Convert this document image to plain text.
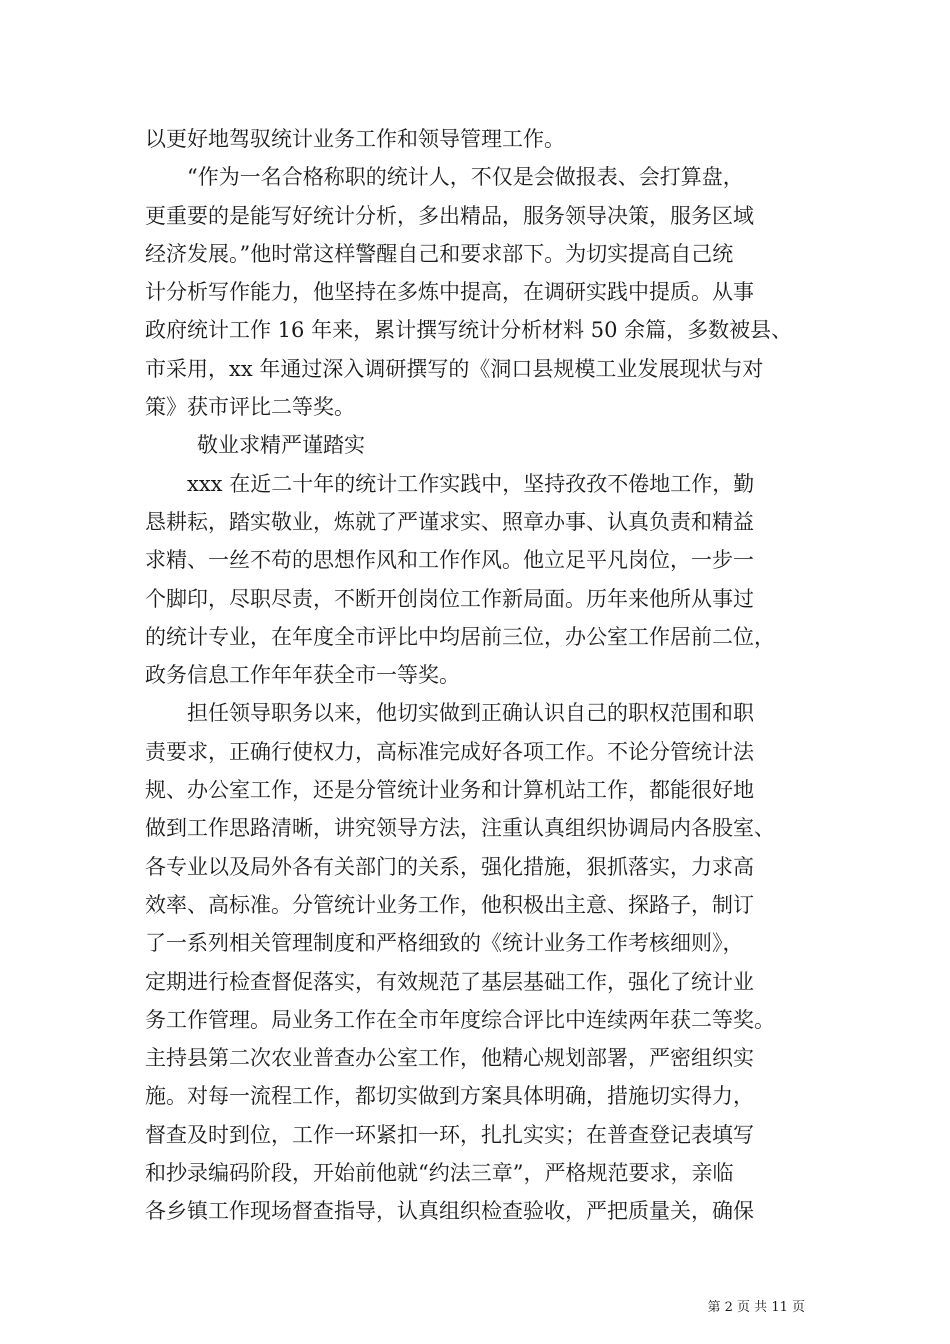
以更好地驾驭统计业务工作和领导管理工作。
“作为一名合格称职的统计人，不仅是会做报表、会打算盘，
更重要的是能写好统计分析，多出精品，服务领导决策，服务区域
经济发展。”他时常这样警醒自己和要求部下。为切实提高自己统
计分析写作能力，他坚持在多炼中提高，在调研实践中提质。从事
政府统计工作 16 年来，累计撰写统计分析材料 50 余篇，多数被县、
市采用，xx 年通过深入调研撰写的《洞口县规模工业发展现状与对
策》获市评比二等奖。
敬业求精严谨踏实
xxx 在近二十年的统计工作实践中，坚持孜孜不倦地工作，勤
恳耕耘，踏实敬业，炼就了严谨求实、照章办事、认真负责和精益
求精、一丝不苟的思想作风和工作作风。他立足平凡岗位，一步一
个脚印，尽职尽责，不断开创岗位工作新局面。历年来他所从事过
的统计专业，在年度全市评比中均居前三位，办公室工作居前二位，
政务信息工作年年获全市一等奖。
担任领导职务以来，他切实做到正确认识自己的职权范围和职
责要求，正确行使权力，高标准完成好各项工作。不论分管统计法
规、办公室工作，还是分管统计业务和计算机站工作，都能很好地
做到工作思路清晰，讲究领导方法，注重认真组织协调局内各股室、
各专业以及局外各有关部门的关系，强化措施，狠抓落实，力求高
效率、高标准。分管统计业务工作，他积极出主意、探路子，制订
了一系列相关管理制度和严格细致的《统计业务工作考核细则》，
定期进行检查督促落实，有效规范了基层基础工作，强化了统计业
务工作管理。局业务工作在全市年度综合评比中连续两年获二等奖。
主持县第二次农业普查办公室工作，他精心规划部署，严密组织实
施。对每一流程工作，都切实做到方案具体明确，措施切实得力，
督查及时到位，工作一环紧扣一环，扎扎实实；在普查登记表填写
和抄录编码阶段，开始前他就“约法三章”，严格规范要求，亲临
各乡镇工作现场督查指导，认真组织检查验收，严把质量关，确保
第 2 页 共 11 页
